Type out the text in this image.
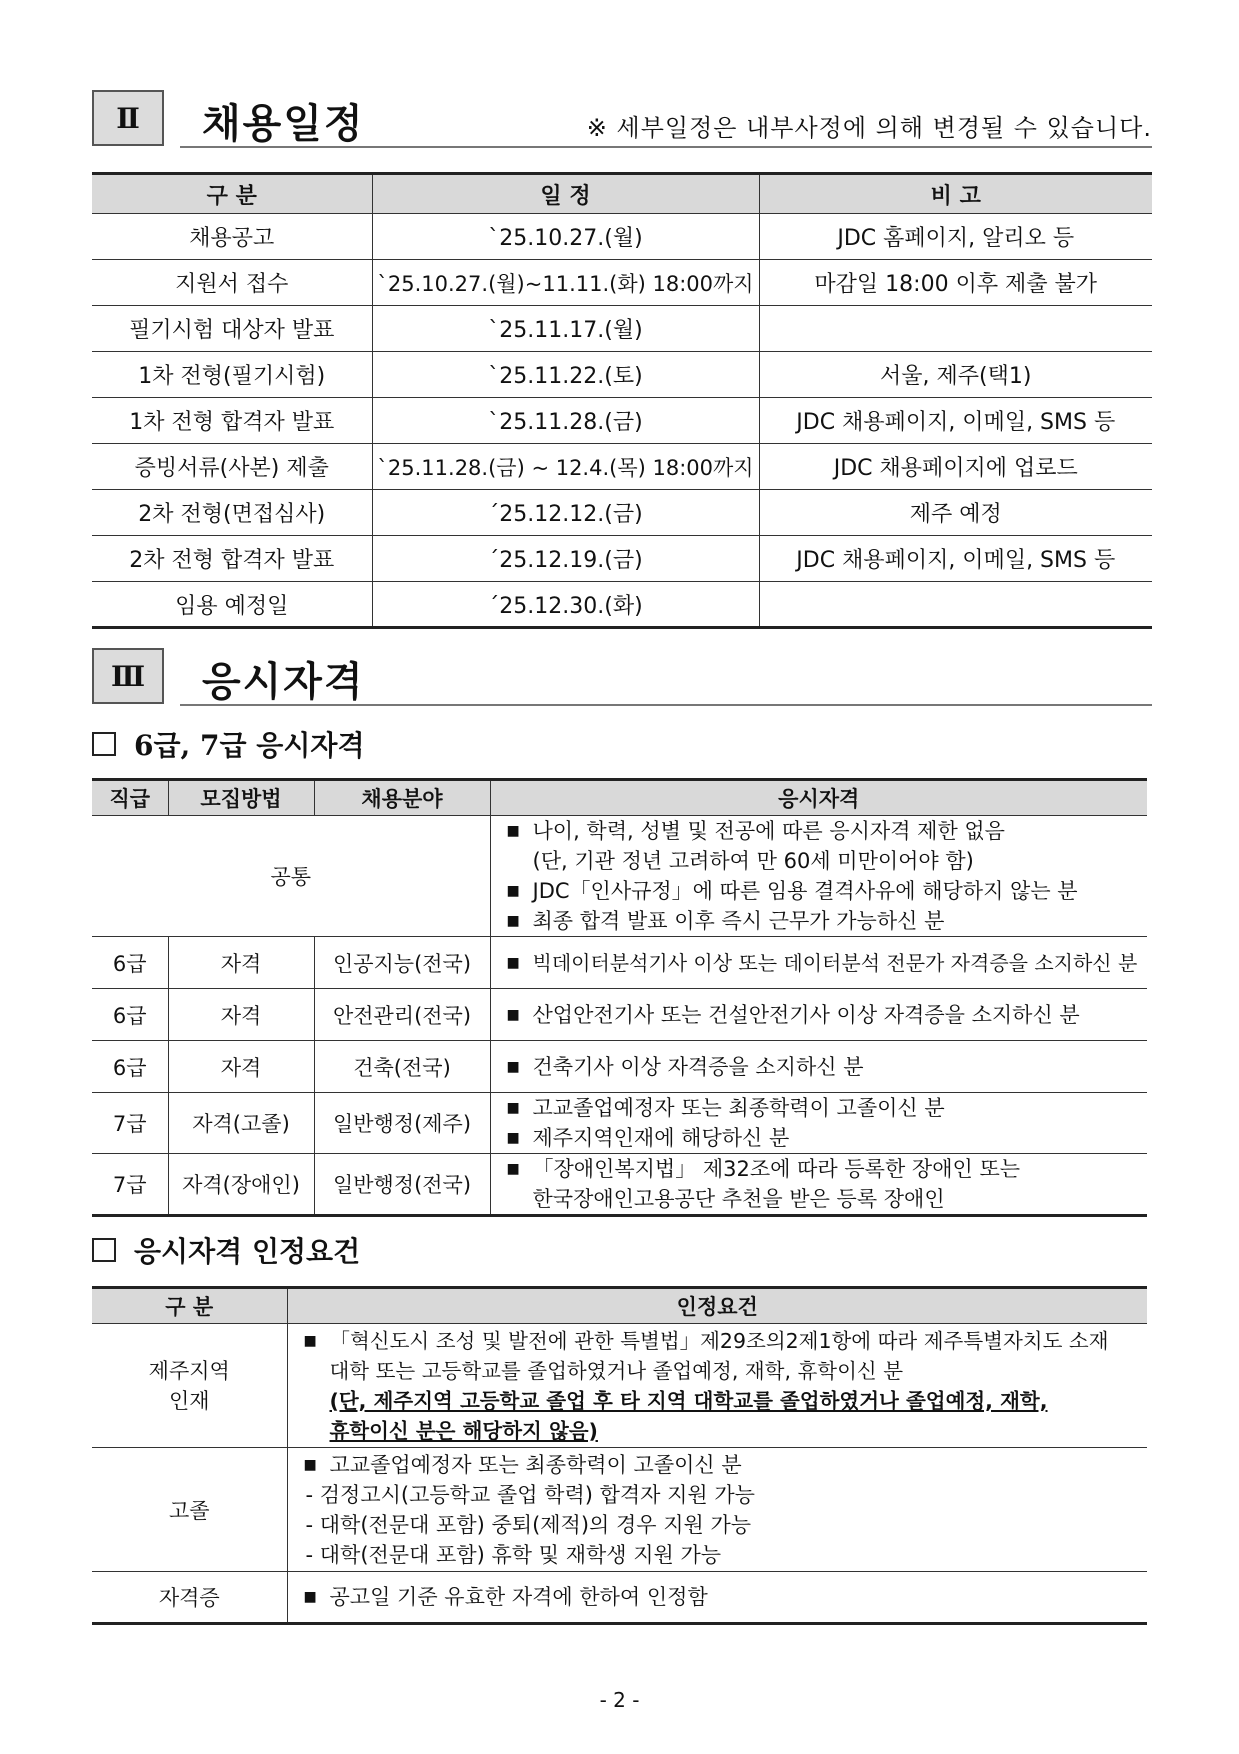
Ⅱ	채용일정	※ 세부일정은 내부사정에 의해 변경될 수 있습니다.
구 분	일 정	비 고
채용공고	`25.10.27.(월)	JDC 홈페이지, 알리오 등
지원서 접수	`25.10.27.(월)~11.11.(화) 18:00까지	마감일 18:00 이후 제출 불가
필기시험 대상자 발표	`25.11.17.(월)	
1차 전형(필기시험)	`25.11.22.(토)	서울, 제주(택1)
1차 전형 합격자 발표	`25.11.28.(금)	JDC 채용페이지, 이메일, SMS 등
증빙서류(사본) 제출	`25.11.28.(금) ~ 12.4.(목) 18:00까지	JDC 채용페이지에 업로드
2차 전형(면접심사)	´25.12.12.(금)	제주 예정
2차 전형 합격자 발표	´25.12.19.(금)	JDC 채용페이지, 이메일, SMS 등
임용 예정일	´25.12.30.(화)	
Ⅲ	응시자격
6급, 7급 응시자격
직급	모집방법	채용분야	응시자격
공통			■ 나이, 학력, 성별 및 전공에 따른 응시자격 제한 없음
(단, 기관 정년 고려하여 만 60세 미만이어야 함)
■ JDC「인사규정」에 따른 임용 결격사유에 해당하지 않는 분
■ 최종 합격 발표 이후 즉시 근무가 가능하신 분

6급	자격	인공지능(전국)	■ 빅데이터분석기사 이상 또는 데이터분석 전문가 자격증을 소지하신 분

6급	자격	안전관리(전국)	■ 산업안전기사 또는 건설안전기사 이상 자격증을 소지하신 분

6급	자격	건축(전국)	■ 건축기사 이상 자격증을 소지하신 분

7급	자격(고졸)	일반행정(제주)	■ 고교졸업예정자 또는 최종학력이 고졸이신 분
■ 제주지역인재에 해당하신 분

7급	자격(장애인)	일반행정(전국)	■ 「장애인복지법」 제32조에 따라 등록한 장애인 또는
한국장애인고용공단 추천을 받은 등록 장애인
응시자격 인정요건
구 분	인정요건

제주지역
인재	■ 「혁신도시 조성 및 발전에 관한 특별법」제29조의2제1항에 따라 제주특별자치도 소재
대학 또는 고등학교를 졸업하였거나 졸업예정, 재학, 휴학이신 분
(단, 제주지역 고등학교 졸업 후 타 지역 대학교를 졸업하였거나 졸업예정, 재학,
휴학이신 분은 해당하지 않음)

고졸	■ 고교졸업예정자 또는 최종학력이 고졸이신 분
- 검정고시(고등학교 졸업 학력) 합격자 지원 가능
- 대학(전문대 포함) 중퇴(제적)의 경우 지원 가능
- 대학(전문대 포함) 휴학 및 재학생 지원 가능

자격증	■ 공고일 기준 유효한 자격에 한하여 인정함
- 2 -
